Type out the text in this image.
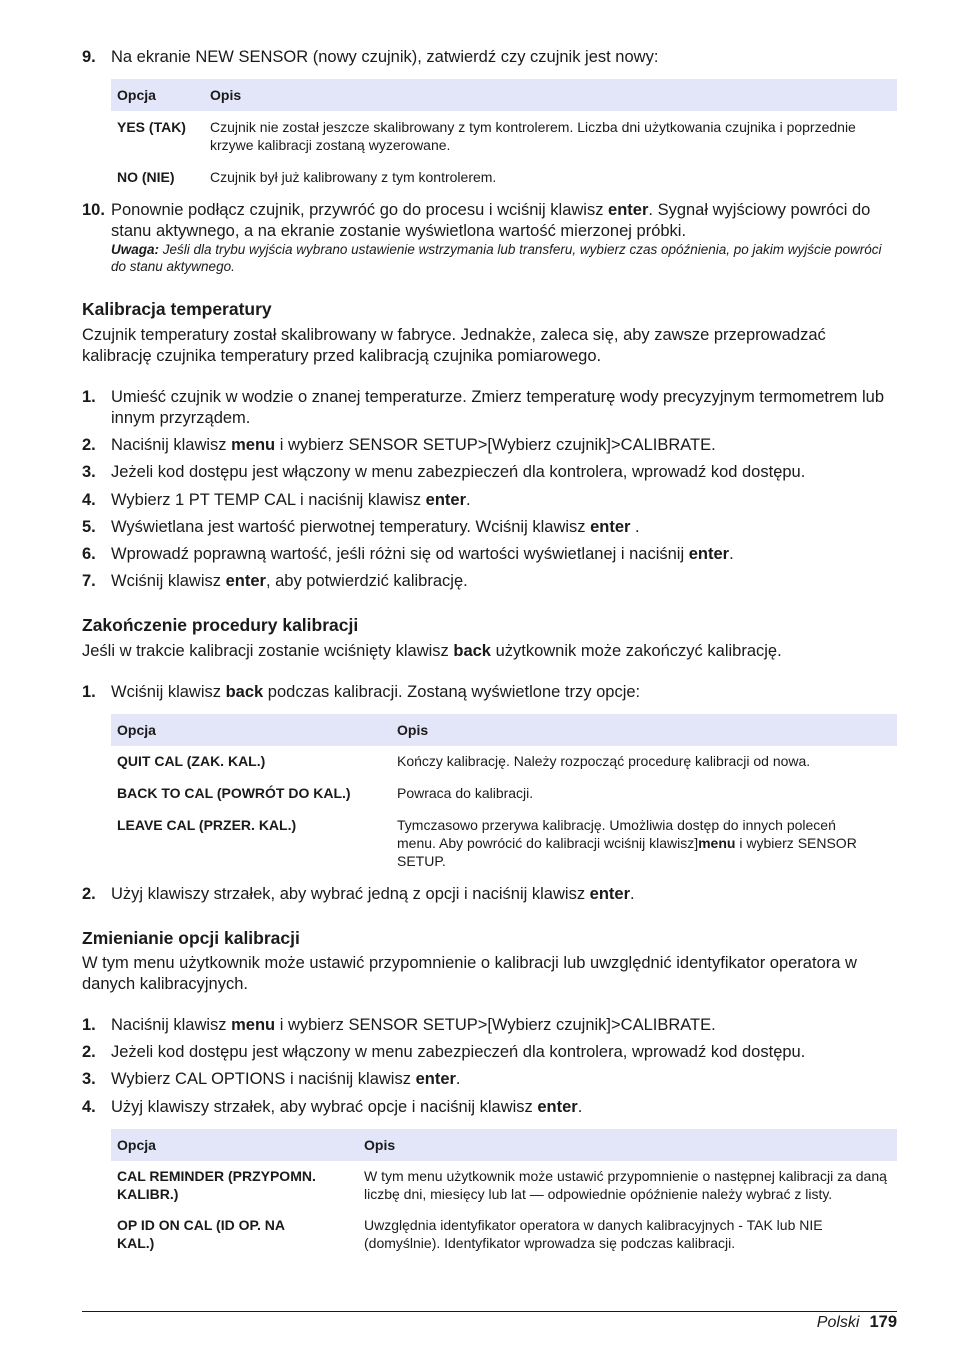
9. Na ekranie NEW SENSOR (nowy czujnik), zatwierdź czy czujnik jest nowy:
Opcja	Opis
YES (TAK)	Czujnik nie został jeszcze skalibrowany z tym kontrolerem. Liczba dni użytkowania czujnika i poprzednie krzywe kalibracji zostaną wyzerowane.
NO (NIE)	Czujnik był już kalibrowany z tym kontrolerem.
10. Ponownie podłącz czujnik, przywróć go do procesu i wciśnij klawisz enter. Sygnał wyjściowy powróci do stanu aktywnego, a na ekranie zostanie wyświetlona wartość mierzonej próbki.
Uwaga: Jeśli dla trybu wyjścia wybrano ustawienie wstrzymania lub transferu, wybierz czas opóźnienia, po jakim wyjście powróci do stanu aktywnego.
Kalibracja temperatury
Czujnik temperatury został skalibrowany w fabryce. Jednakże, zaleca się, aby zawsze przeprowadzać kalibrację czujnika temperatury przed kalibracją czujnika pomiarowego.
1. Umieść czujnik w wodzie o znanej temperaturze. Zmierz temperaturę wody precyzyjnym termometrem lub innym przyrządem.
2. Naciśnij klawisz menu i wybierz SENSOR SETUP>[Wybierz czujnik]>CALIBRATE.
3. Jeżeli kod dostępu jest włączony w menu zabezpieczeń dla kontrolera, wprowadź kod dostępu.
4. Wybierz 1 PT TEMP CAL i naciśnij klawisz enter.
5. Wyświetlana jest wartość pierwotnej temperatury. Wciśnij klawisz enter .
6. Wprowadź poprawną wartość, jeśli różni się od wartości wyświetlanej i naciśnij enter.
7. Wciśnij klawisz enter, aby potwierdzić kalibrację.
Zakończenie procedury kalibracji
Jeśli w trakcie kalibracji zostanie wciśnięty klawisz back użytkownik może zakończyć kalibrację.
1. Wciśnij klawisz back podczas kalibracji. Zostaną wyświetlone trzy opcje:
Opcja	Opis
QUIT CAL (ZAK. KAL.)	Kończy kalibrację. Należy rozpocząć procedurę kalibracji od nowa.
BACK TO CAL (POWRÓT DO KAL.)	Powraca do kalibracji.
LEAVE CAL (PRZER. KAL.)	Tymczasowo przerywa kalibrację. Umożliwia dostęp do innych poleceń menu. Aby powrócić do kalibracji wciśnij klawisz]menu i wybierz SENSOR SETUP.
2. Użyj klawiszy strzałek, aby wybrać jedną z opcji i naciśnij klawisz enter.
Zmienianie opcji kalibracji
W tym menu użytkownik może ustawić przypomnienie o kalibracji lub uwzględnić identyfikator operatora w danych kalibracyjnych.
1. Naciśnij klawisz menu i wybierz SENSOR SETUP>[Wybierz czujnik]>CALIBRATE.
2. Jeżeli kod dostępu jest włączony w menu zabezpieczeń dla kontrolera, wprowadź kod dostępu.
3. Wybierz CAL OPTIONS i naciśnij klawisz enter.
4. Użyj klawiszy strzałek, aby wybrać opcje i naciśnij klawisz enter.
Opcja	Opis
CAL REMINDER (PRZYPOMN. KALIBR.)	W tym menu użytkownik może ustawić przypomnienie o następnej kalibracji za daną liczbę dni, miesięcy lub lat — odpowiednie opóźnienie należy wybrać z listy.
OP ID ON CAL (ID OP. NA KAL.)	Uwzględnia identyfikator operatora w danych kalibracyjnych - TAK lub NIE (domyślnie). Identyfikator wprowadza się podczas kalibracji.
Polski 179
